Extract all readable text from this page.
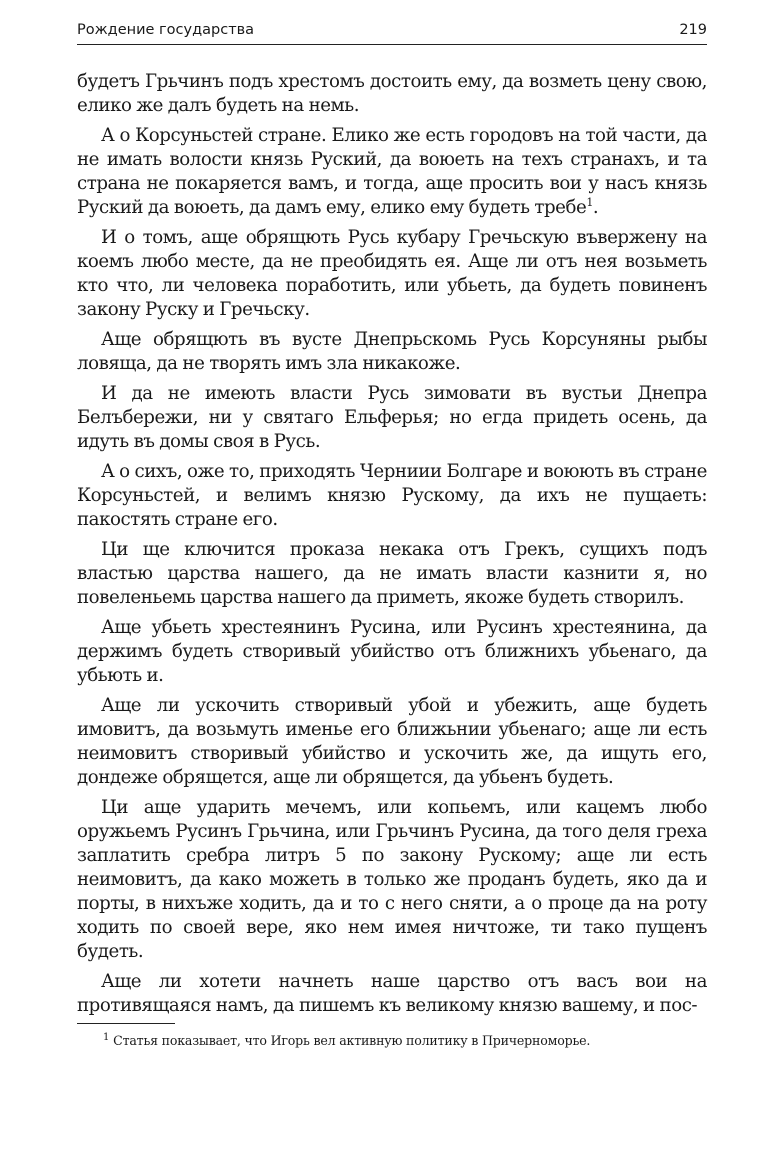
Рождение государства	219

будетъ Грьчинъ подъ хрестомъ достоить ему, да возметь цену свою, елико же далъ будеть на немь.

А о Корсуньстей стране. Елико же есть городовъ на той части, да не имать волости князь Руский, да воюеть на техъ странахъ, и та страна не покаряется вамъ, и тогда, аще просить вои у насъ князь Руский да воюеть, да дамъ ему, елико ему будеть требе$^1$.

И о томъ, аще обрящють Русь кубару Гречьскую въвержену на коемъ любо месте, да не преобидять ея. Аще ли отъ нея возьметь кто что, ли человека поработить, или убьеть, да будеть повиненъ закону Руску и Гречьску.

Аще обрящють въ вусте Днепрьскомь Русь Корсуняны рыбы ловяща, да не творять имъ зла никакоже.

И да не имеють власти Русь зимовати въ вустьи Днепра Белъбережи, ни у святаго Ельферья; но егда придеть осень, да идуть въ домы своя в Русь.

А о сихъ, оже то, приходять Черниии Болгаре и воюють въ стране Корсуньстей, и велимъ князю Рускому, да ихъ не пущаеть: пакостять стране его.

Ци ще ключится проказа некака отъ Грекъ, сущихъ подъ властью царства нашего, да не имать власти казнити я, но повеленьемь царства нашего да приметь, якоже будеть створилъ.

Аще убьеть хрестеянинъ Русина, или Русинъ хрестеянина, да держимъ будеть створивый убийство отъ ближнихъ убьенаго, да убьють и.

Аще ли ускочить створивый убой и убежить, аще будеть имовитъ, да возьмуть именье его ближьнии убьенаго; аще ли есть неимовитъ створивый убийство и ускочить же, да ищуть его, дондеже обрящется, аще ли обрящется, да убьенъ будеть.

Ци аще ударить мечемъ, или копьемъ, или кацемъ любо оружьемъ Русинъ Грьчина, или Грьчинъ Русина, да того деля греха заплатить сребра литръ 5 по закону Рускому; аще ли есть неимовитъ, да како можеть в только же проданъ будеть, яко да и порты, в нихъже ходить, да и то с него сняти, а о проце да на роту ходить по своей вере, яко нем имея ничтоже, ти тако пущенъ будеть.

Аще ли хотети начнеть наше царство отъ васъ вои на противящаяся намъ, да пишемъ къ великому князю вашему, и пос-

$^1$ Статья показывает, что Игорь вел активную политику в Причерноморье.
